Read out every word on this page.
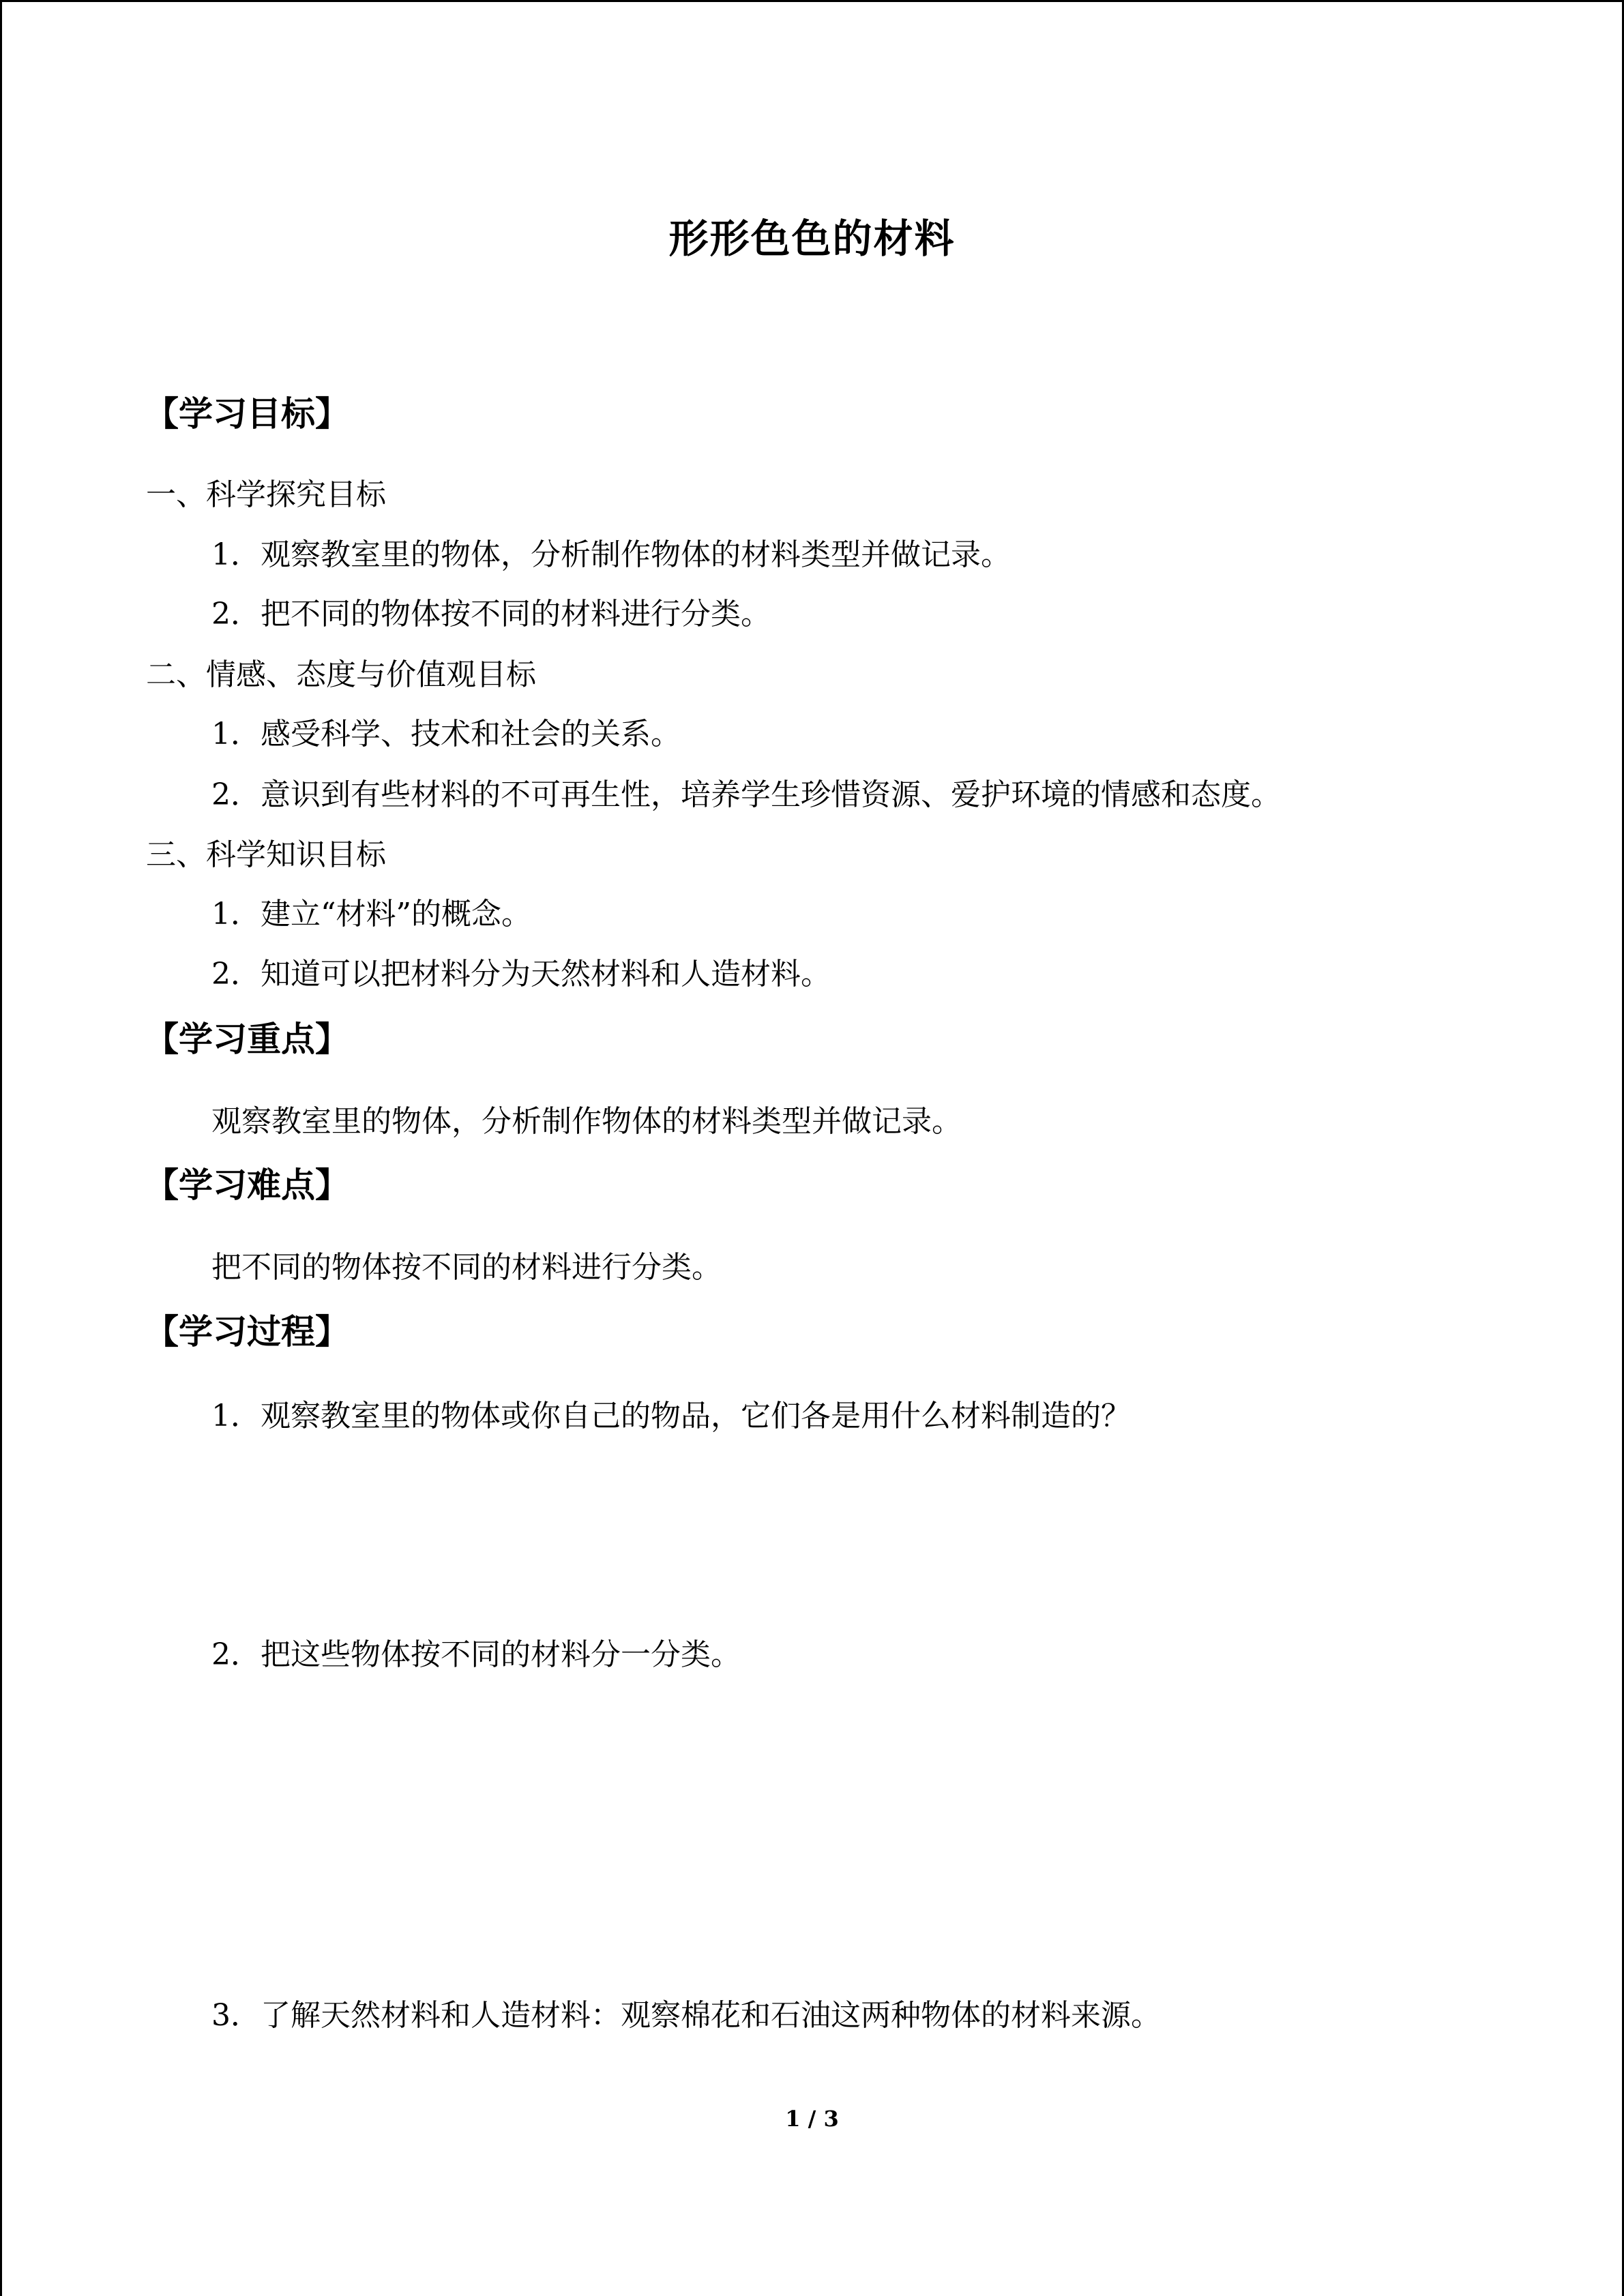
形形色色的材料
【学习目标】
一、科学探究目标
1．观察教室里的物体，分析制作物体的材料类型并做记录。
2．把不同的物体按不同的材料进行分类。
二、情感、态度与价值观目标
1．感受科学、技术和社会的关系。
2．意识到有些材料的不可再生性，培养学生珍惜资源、爱护环境的情感和态度。
三、科学知识目标
1．建立“材料”的概念。
2．知道可以把材料分为天然材料和人造材料。
【学习重点】
观察教室里的物体，分析制作物体的材料类型并做记录。
【学习难点】
把不同的物体按不同的材料进行分类。
【学习过程】
1．观察教室里的物体或你自己的物品，它们各是用什么材料制造的？
2．把这些物体按不同的材料分一分类。
3．了解天然材料和人造材料：观察棉花和石油这两种物体的材料来源。
1 / 3
